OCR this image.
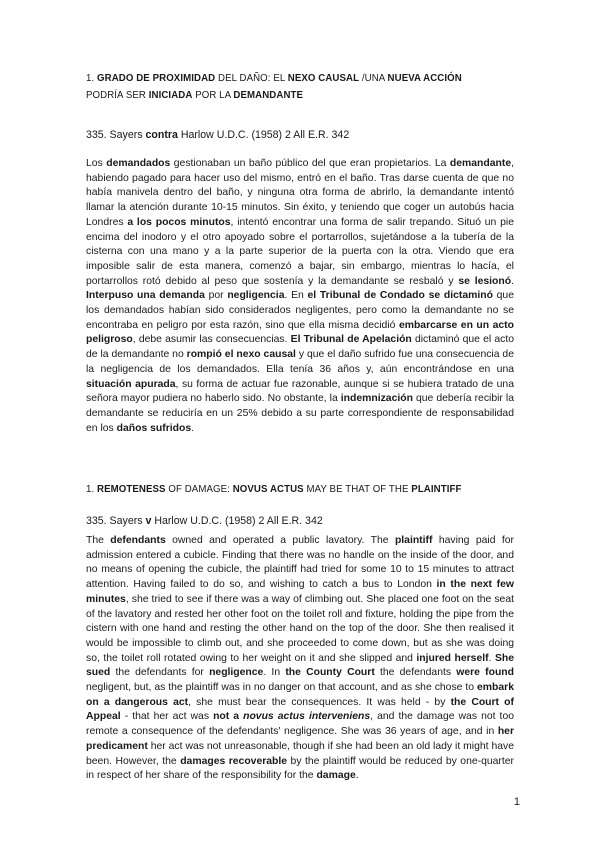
1. GRADO DE PROXIMIDAD DEL DAÑO: EL NEXO CAUSAL /UNA NUEVA ACCIÓN PODRÍA SER INICIADA POR LA DEMANDANTE
335. Sayers contra Harlow U.D.C. (1958) 2 All E.R. 342
Los demandados gestionaban un baño público del que eran propietarios. La demandante, habiendo pagado para hacer uso del mismo, entró en el baño. Tras darse cuenta de que no había manivela dentro del baño, y ninguna otra forma de abrirlo, la demandante intentó llamar la atención durante 10-15 minutos. Sin éxito, y teniendo que coger un autobús hacia Londres a los pocos minutos, intentó encontrar una forma de salir trepando. Situó un pie encima del inodoro y el otro apoyado sobre el portarrollos, sujetándose a la tubería de la cisterna con una mano y a la parte superior de la puerta con la otra. Viendo que era imposible salir de esta manera, comenzó a bajar, sin embargo, mientras lo hacía, el portarrollos rotó debido al peso que sostenía y la demandante se resbaló y se lesionó. Interpuso una demanda por negligencia. En el Tribunal de Condado se dictaminó que los demandados habían sido considerados negligentes, pero como la demandante no se encontraba en peligro por esta razón, sino que ella misma decidió embarcarse en un acto peligroso, debe asumir las consecuencias. El Tribunal de Apelación dictaminó que el acto de la demandante no rompió el nexo causal y que el daño sufrido fue una consecuencia de la negligencia de los demandados. Ella tenía 36 años y, aún encontrándose en una situación apurada, su forma de actuar fue razonable, aunque si se hubiera tratado de una señora mayor pudiera no haberlo sido. No obstante, la indemnización que debería recibir la demandante se reduciría en un 25% debido a su parte correspondiente de responsabilidad en los daños sufridos.
1. REMOTENESS OF DAMAGE: NOVUS ACTUS MAY BE THAT OF THE PLAINTIFF
335. Sayers v Harlow U.D.C. (1958) 2 All E.R. 342
The defendants owned and operated a public lavatory. The plaintiff having paid for admission entered a cubicle. Finding that there was no handle on the inside of the door, and no means of opening the cubicle, the plaintiff had tried for some 10 to 15 minutes to attract attention. Having failed to do so, and wishing to catch a bus to London in the next few minutes, she tried to see if there was a way of climbing out. She placed one foot on the seat of the lavatory and rested her other foot on the toilet roll and fixture, holding the pipe from the cistern with one hand and resting the other hand on the top of the door. She then realised it would be impossible to climb out, and she proceeded to come down, but as she was doing so, the toilet roll rotated owing to her weight on it and she slipped and injured herself. She sued the defendants for negligence. In the County Court the defendants were found negligent, but, as the plaintiff was in no danger on that account, and as she chose to embark on a dangerous act, she must bear the consequences. It was held - by the Court of Appeal - that her act was not a novus actus interveniens, and the damage was not too remote a consequence of the defendants' negligence. She was 36 years of age, and in her predicament her act was not unreasonable, though if she had been an old lady it might have been. However, the damages recoverable by the plaintiff would be reduced by one-quarter in respect of her share of the responsibility for the damage.
1
